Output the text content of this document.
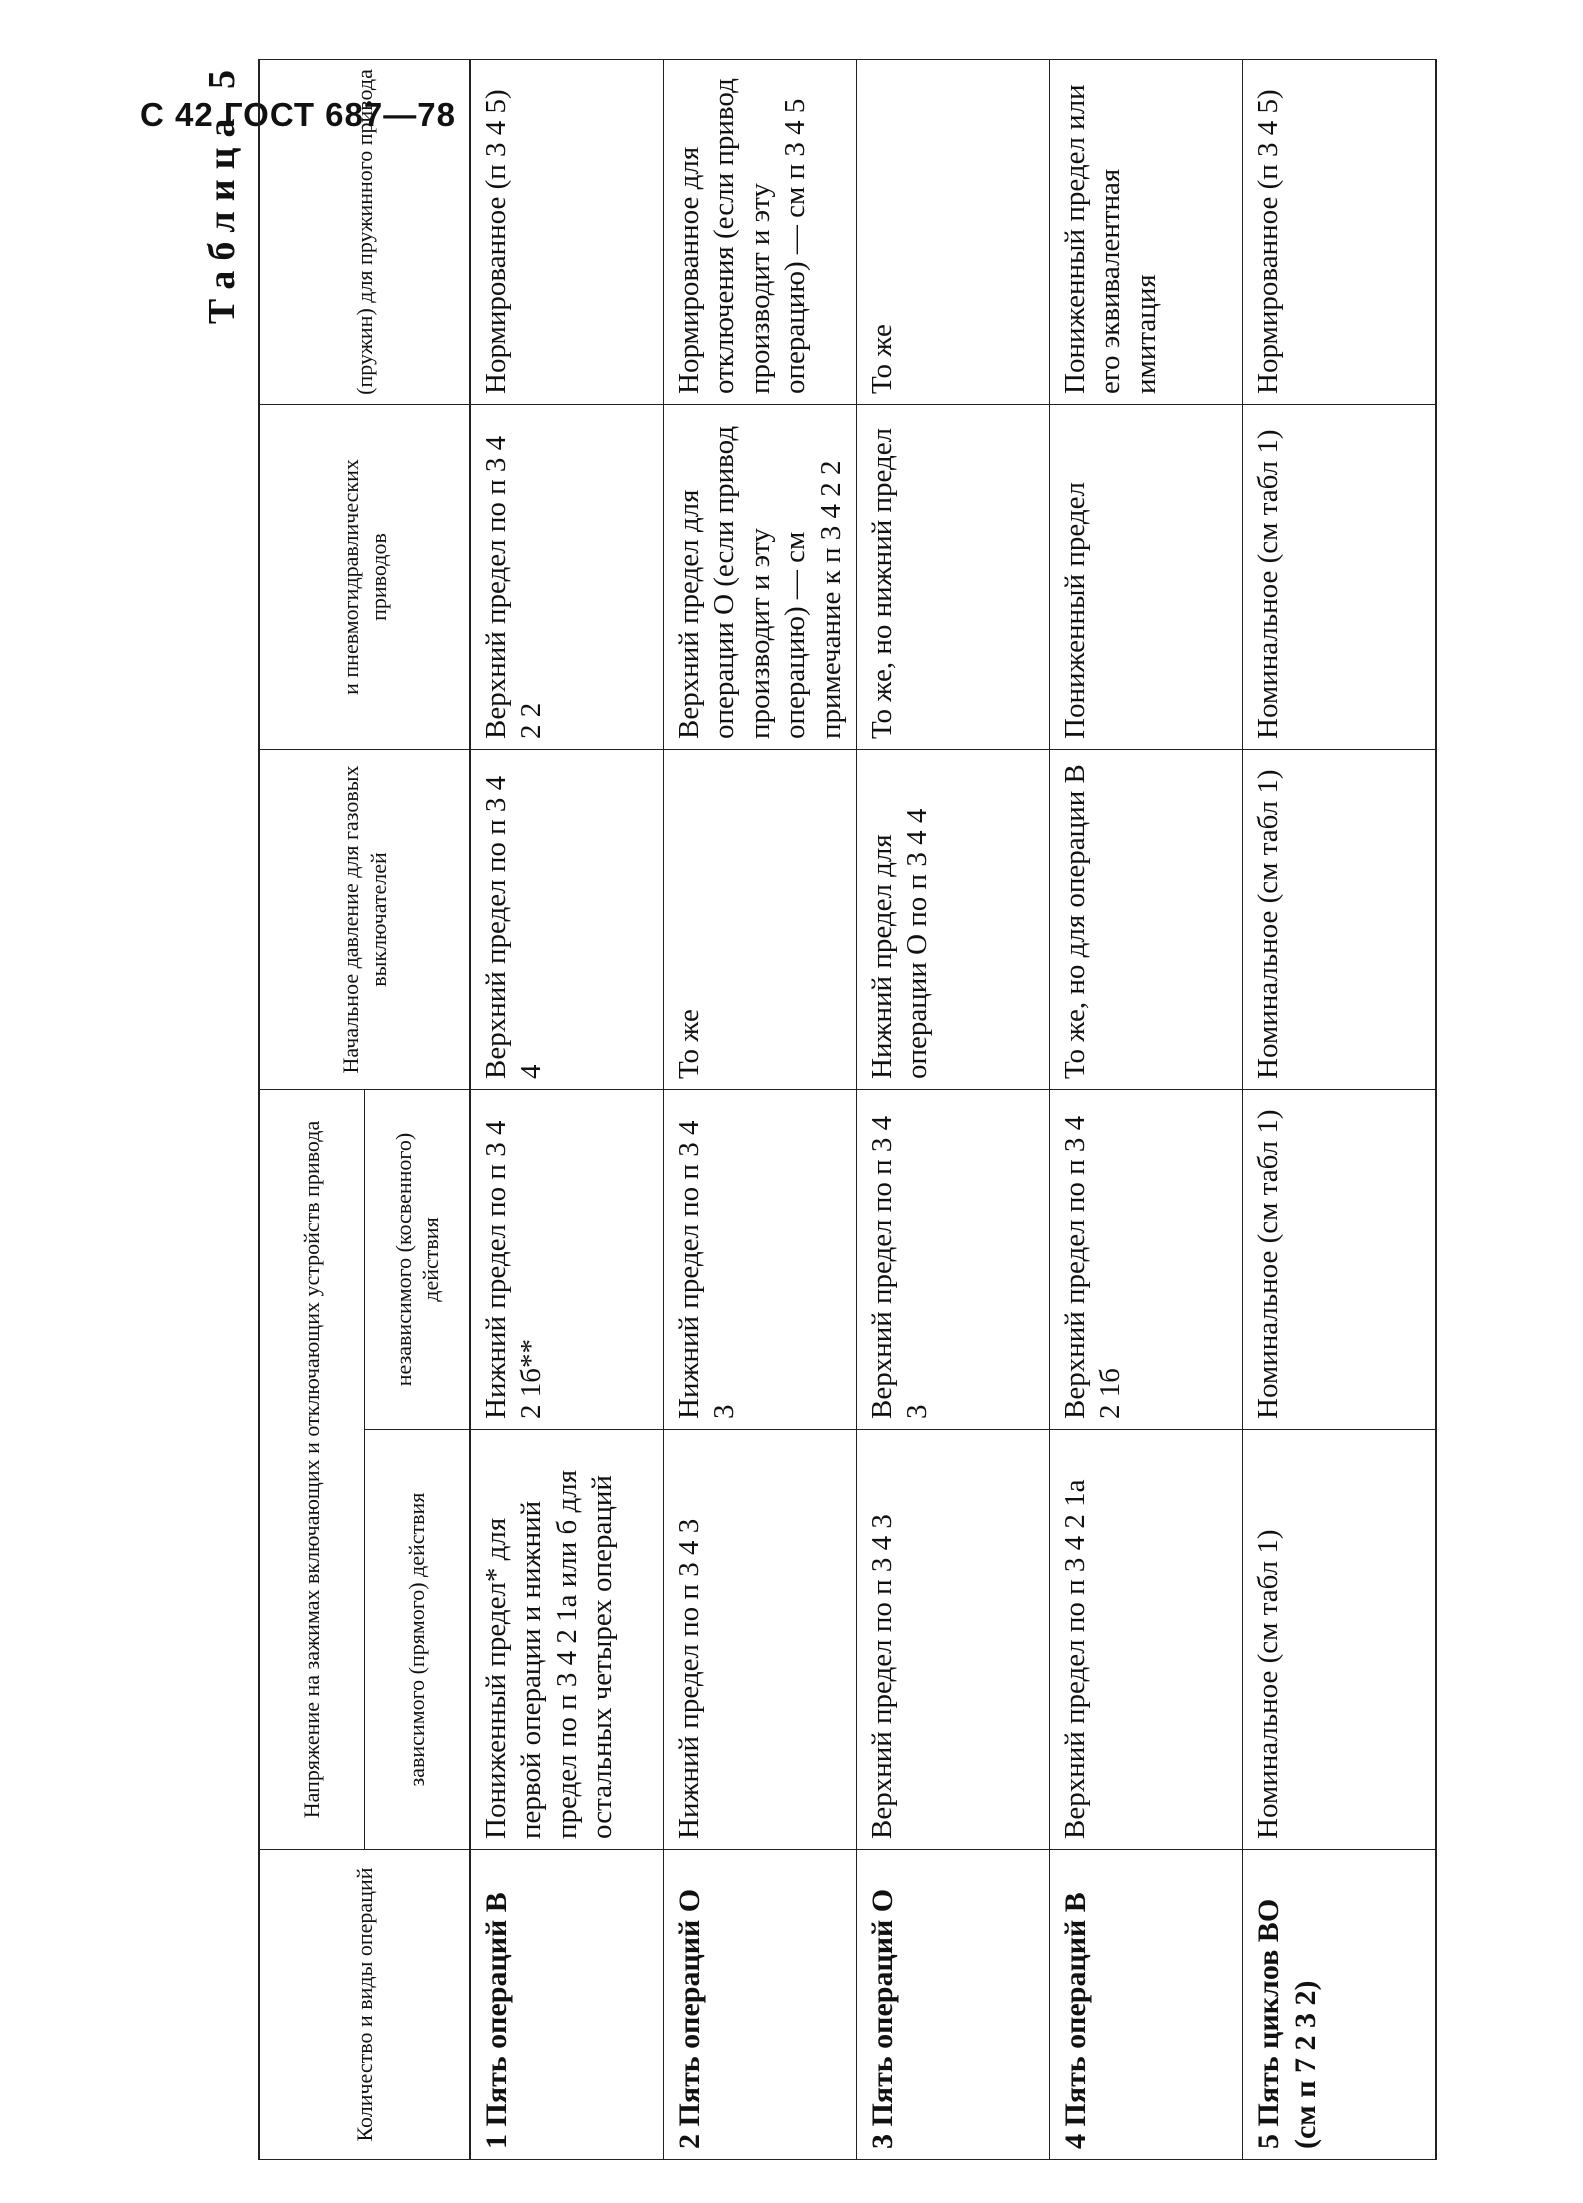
С 42 ГОСТ 687—78
Таблица 5
Количество и виды операций	Напряжение на зажимах включающих и отключающих устройств привода		Начальное давление для газовых выключателей	и пневмогидравлических приводов	(пружин) для пружинного привода
	зависимого (прямого) действия	независимого (косвенного) действия			
1 Пять операций В	Пониженный предел* для первой операции и нижний предел по п 3 4 2 1а или б для остальных четырех операций	Нижний предел по п 3 4 2 1б**	Верхний предел по п 3 4 4	Верхний предел по п 3 4 2 2	Нормированное (п 3 4 5)
2 Пять операций О	Нижний предел по п 3 4 3	Нижний предел по п 3 4 3	То же	Верхний предел для операции О (если привод производит и эту операцию) — см примечание к п 3 4 2 2	Нормированное для отключения (если привод производит и эту операцию) — см п 3 4 5
3 Пять операций О	Верхний предел по п 3 4 3	Верхний предел по п 3 4 3	Нижний предел для операции О по п 3 4 4	То же, но нижний предел	То же
4 Пять операций В	Верхний предел по п 3 4 2 1а	Верхний предел по п 3 4 2 1б	То же, но для операции В	Пониженный предел	Пониженный предел или его эквивалентная имитация
5 Пять циклов ВО (см п 7 2 3 2)	Номинальное (см табл 1)	Номинальное (см табл 1)	Номинальное (см табл 1)	Номинальное (см табл 1)	Нормированное (п 3 4 5)
